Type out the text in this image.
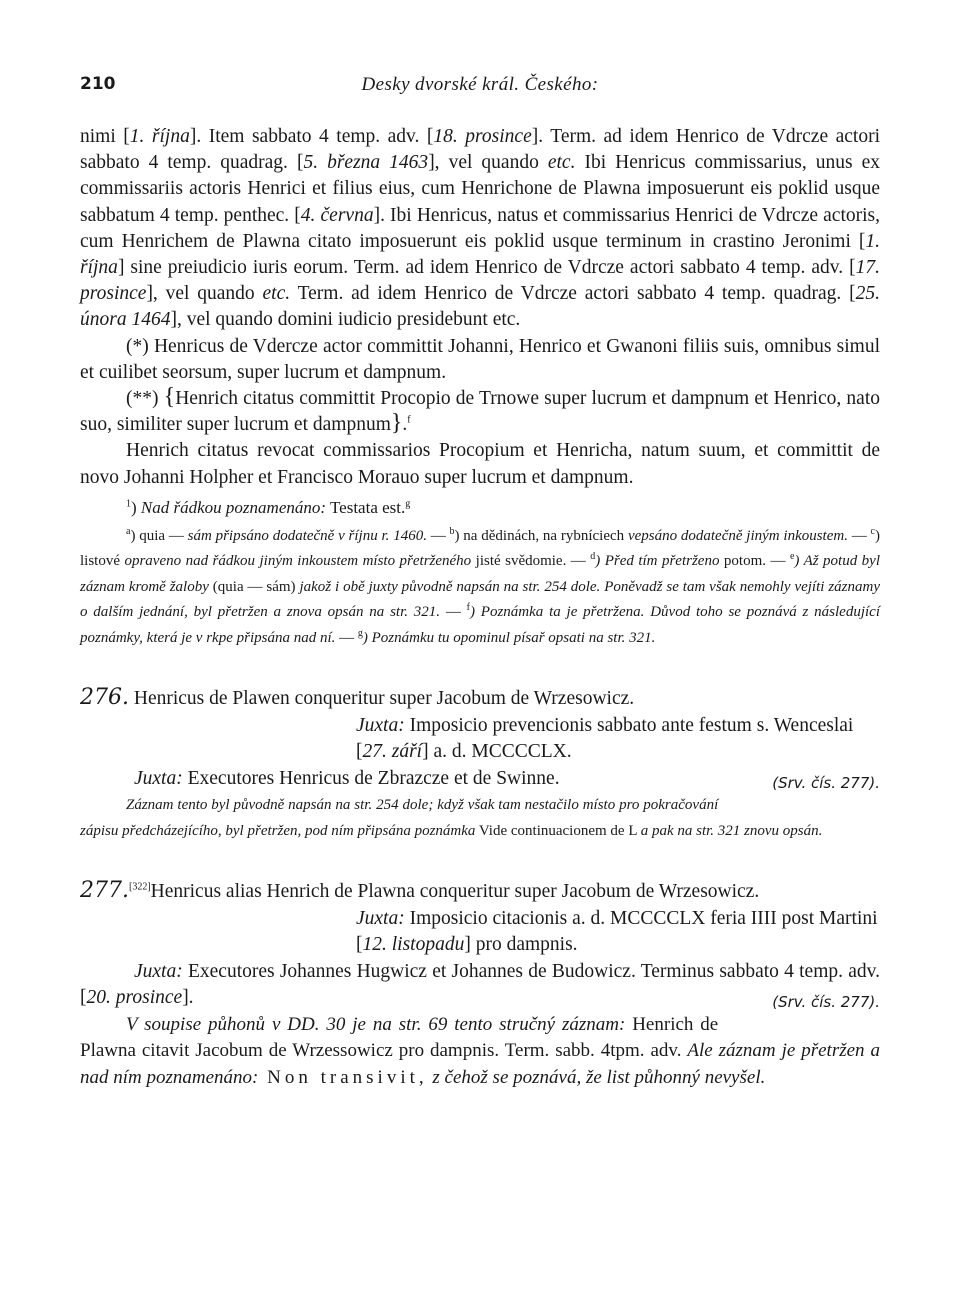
210	Desky dvorské král. Českého:

nimi [1. října]. Item sabbato 4 temp. adv. [18. prosince]. Term. ad idem Henrico de Vdrcze actori sabbato 4 temp. quadrag. [5. března 1463], vel quando etc. Ibi Henricus commissarius, unus ex commissariis actoris Henrici et filius eius, cum Henrichone de Plawna imposuerunt eis poklid usque sabbatum 4 temp. penthec. [4. června]. Ibi Henricus, natus et commissarius Henrici de Vdrcze actoris, cum Henrichem de Plawna citato imposuerunt eis poklid usque terminum in crastino Jeronimi [1. října] sine preiudicio iuris eorum. Term. ad idem Henrico de Vdrcze actori sabbato 4 temp. adv. [17. prosince], vel quando etc. Term. ad idem Henrico de Vdrcze actori sabbato 4 temp. quadrag. [25. února 1464], vel quando domini iudicio presidebunt etc.

(*) Henricus de Vdercze actor committit Johanni, Henrico et Gwanoni filiis suis, omnibus simul et cuilibet seorsum, super lucrum et dampnum.

(**) {Henrich citatus committit Procopio de Trnowe super lucrum et dampnum et Henrico, nato suo, similiter super lucrum et dampnum}.$^f$

Henrich citatus revocat commissarios Procopium et Henricha, natum suum, et committit de novo Johanni Holpher et Francisco Morauo super lucrum et dampnum.

$^1$) Nad řádkou poznamenáno: Testata est.$^g$

$^a$) quia — sám připsáno dodatečně v říjnu r. 1460. — $^b$) na dědinách, na rybníciech vepsáno dodatečně jiným inkoustem. — $^c$) listové opraveno nad řádkou jiným inkoustem místo přetrženého jisté svědomie. — $^d$) Před tím přetrženo potom. — $^e$) Až potud byl záznam kromě žaloby (quia — sám) jakož i obě juxty původně napsán na str. 254 dole. Poněvadž se tam však nemohly vejíti záznamy o dalším jednání, byl přetržen a znova opsán na str. 321. — $^f$) Poznámka ta je přetržena. Důvod toho se poznává z následující poznámky, která je v rkpe připsána nad ní. — $^g$) Poznámku tu opominul písař opsati na str. 321.

276. Henricus de Plawen conqueritur super Jacobum de Wrzesowicz.

Juxta: Imposicio prevencionis sabbato ante festum s. Wenceslai [27. září] a. d. MCCCCLX.

(Srv. čís. 277).
Juxta: Executores Henricus de Zbrazcze et de Swinne.

Záznam tento byl původně napsán na str. 254 dole; když však tam nestačilo místo pro pokračování zápisu předcházejícího, byl přetržen, pod ním připsána poznámka Vide continuacionem de L a pak na str. 321 znovu opsán.

277.[322]Henricus alias Henrich de Plawna conqueritur super Jacobum de Wrzesowicz.

Juxta: Imposicio citacionis a. d. MCCCCLX feria IIII post Martini [12. listopadu] pro dampnis.

Juxta: Executores Johannes Hugwicz et Johannes de Budowicz. Terminus sabbato 4 temp. adv. [20. prosince].	(Srv. čís. 277).

V soupise půhonů v DD. 30 je na str. 69 tento stručný záznam: Henrich de Plawna citavit Jacobum de Wrzessowicz pro dampnis. Term. sabb. 4tpm. adv. Ale záznam je přetržen a nad ním poznamenáno: Non transivit, z čehož se poznává, že list půhonný nevyšel.
